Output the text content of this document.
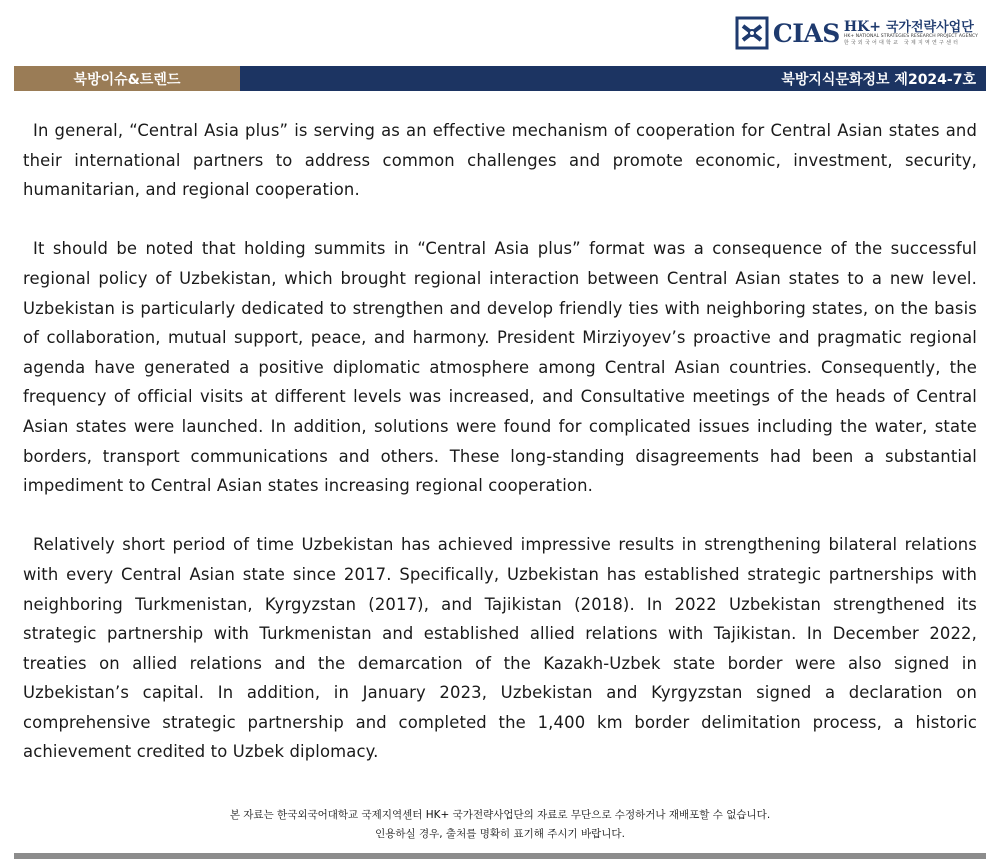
CIAS HK+ 국가전략사업단
HK+ NATIONAL STRATEGIES RESEARCH PROJECT AGENCY
한국외국어대학교 국제지역연구센터
북방이슈&트렌드	북방지식문화정보 제2024-7호

In general, “Central Asia plus” is serving as an effective mechanism of cooperation for Central Asian states and their international partners to address common challenges and promote economic, investment, security, humanitarian, and regional cooperation.

It should be noted that holding summits in “Central Asia plus” format was a consequence of the successful regional policy of Uzbekistan, which brought regional interaction between Central Asian states to a new level. Uzbekistan is particularly dedicated to strengthen and develop friendly ties with neighboring states, on the basis of collaboration, mutual support, peace, and harmony. President Mirziyoyev’s proactive and pragmatic regional agenda have generated a positive diplomatic atmosphere among Central Asian countries. Consequently, the frequency of official visits at different levels was increased, and Consultative meetings of the heads of Central Asian states were launched. In addition, solutions were found for complicated issues including the water, state borders, transport communications and others. These long-standing disagreements had been a substantial impediment to Central Asian states increasing regional cooperation.

Relatively short period of time Uzbekistan has achieved impressive results in strengthening bilateral relations with every Central Asian state since 2017. Specifically, Uzbekistan has established strategic partnerships with neighboring Turkmenistan, Kyrgyzstan (2017), and Tajikistan (2018). In 2022 Uzbekistan strengthened its strategic partnership with Turkmenistan and established allied relations with Tajikistan. In December 2022, treaties on allied relations and the demarcation of the Kazakh-Uzbek state border were also signed in Uzbekistan’s capital. In addition, in January 2023, Uzbekistan and Kyrgyzstan signed a declaration on comprehensive strategic partnership and completed the 1,400 km border delimitation process, a historic achievement credited to Uzbek diplomacy.

본 자료는 한국외국어대학교 국제지역센터 HK+ 국가전략사업단의 자료로 무단으로 수정하거나 재배포할 수 없습니다.
인용하실 경우, 출처를 명확히 표기해 주시기 바랍니다.
